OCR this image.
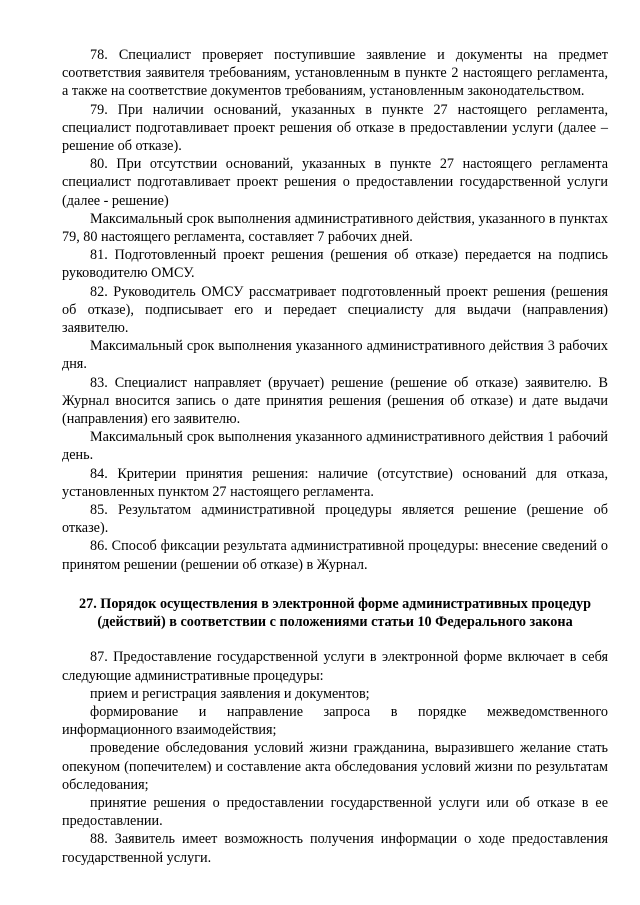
78. Специалист проверяет поступившие заявление и документы на предмет соответствия заявителя требованиям, установленным в пункте 2 настоящего регламента, а также на соответствие документов требованиям, установленным законодательством.

79. При наличии оснований, указанных в пункте 27 настоящего регламента, специалист подготавливает проект решения об отказе в предоставлении услуги (далее – решение об отказе).

80. При отсутствии оснований, указанных в пункте 27 настоящего регламента специалист подготавливает проект решения о предоставлении государственной услуги (далее - решение)

Максимальный срок выполнения административного действия, указанного в пунктах 79, 80 настоящего регламента, составляет 7 рабочих дней.

81. Подготовленный проект решения (решения об отказе) передается на подпись руководителю ОМСУ.

82. Руководитель ОМСУ рассматривает подготовленный проект решения (решения об отказе), подписывает его и передает специалисту для выдачи (направления) заявителю.

Максимальный срок выполнения указанного административного действия 3 рабочих дня.

83. Специалист направляет (вручает) решение (решение об отказе) заявителю. В Журнал вносится запись о дате принятия решения (решения об отказе) и дате выдачи (направления) его заявителю.

Максимальный срок выполнения указанного административного действия 1 рабочий день.

84. Критерии принятия решения: наличие (отсутствие) оснований для отказа, установленных пунктом 27 настоящего регламента.

85. Результатом административной процедуры является решение (решение об отказе).

86. Способ фиксации результата административной процедуры: внесение сведений о принятом решении (решении об отказе) в Журнал.

27. Порядок осуществления в электронной форме административных процедур (действий) в соответствии с положениями статьи 10 Федерального закона

87. Предоставление государственной услуги в электронной форме включает в себя следующие административные процедуры:

прием и регистрация заявления и документов;

формирование и направление запроса в порядке межведомственного информационного взаимодействия;

проведение обследования условий жизни гражданина, выразившего желание стать опекуном (попечителем) и составление акта обследования условий жизни по результатам обследования;

принятие решения о предоставлении государственной услуги или об отказе в ее предоставлении.

88. Заявитель имеет возможность получения информации о ходе предоставления государственной услуги.
